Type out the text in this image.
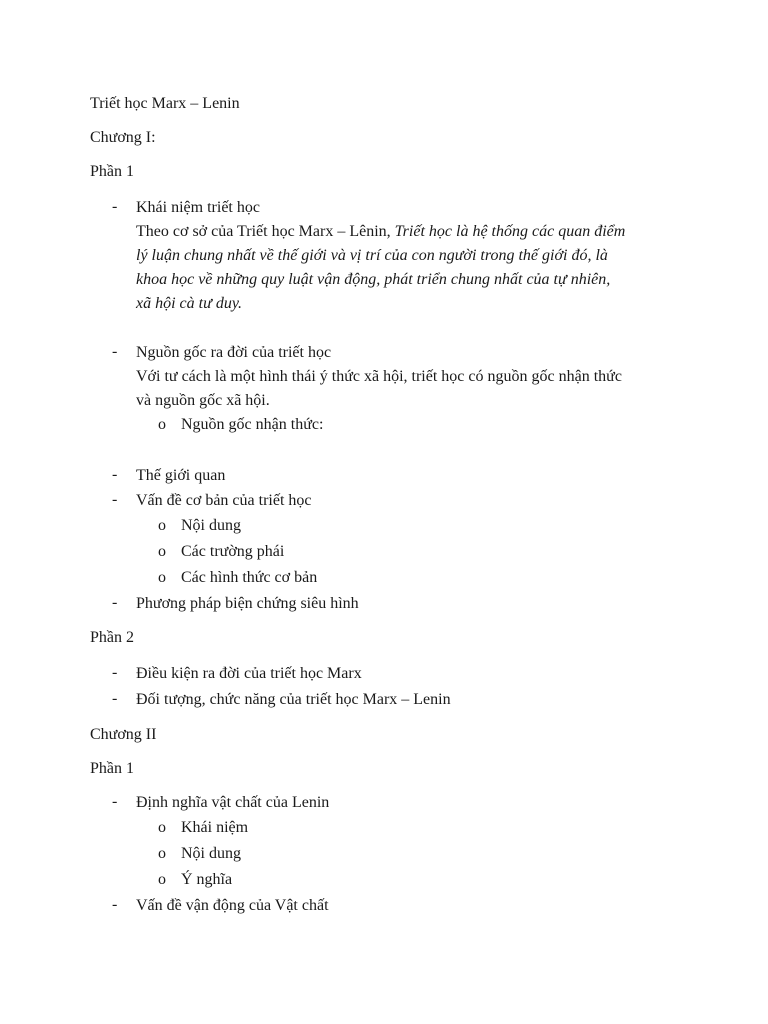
Triết học Marx – Lenin
Chương I:
Phần 1
- Khái niệm triết học
Theo cơ sở của Triết học Marx – Lênin, Triết học là hệ thống các quan điểm
lý luận chung nhất về thế giới và vị trí của con người trong thế giới đó, là
khoa học về những quy luật vận động, phát triển chung nhất của tự nhiên,
xã hội cà tư duy.
- Nguồn gốc ra đời của triết học
Với tư cách là một hình thái ý thức xã hội, triết học có nguồn gốc nhận thức
và nguồn gốc xã hội.
o Nguồn gốc nhận thức:
- Thế giới quan
- Vấn đề cơ bản của triết học
o Nội dung
o Các trường phái
o Các hình thức cơ bản
- Phương pháp biện chứng siêu hình
Phần 2
- Điều kiện ra đời của triết học Marx
- Đối tượng, chức năng của triết học Marx – Lenin
Chương II
Phần 1
- Định nghĩa vật chất của Lenin
o Khái niệm
o Nội dung
o Ý nghĩa
- Vấn đề vận động của Vật chất
